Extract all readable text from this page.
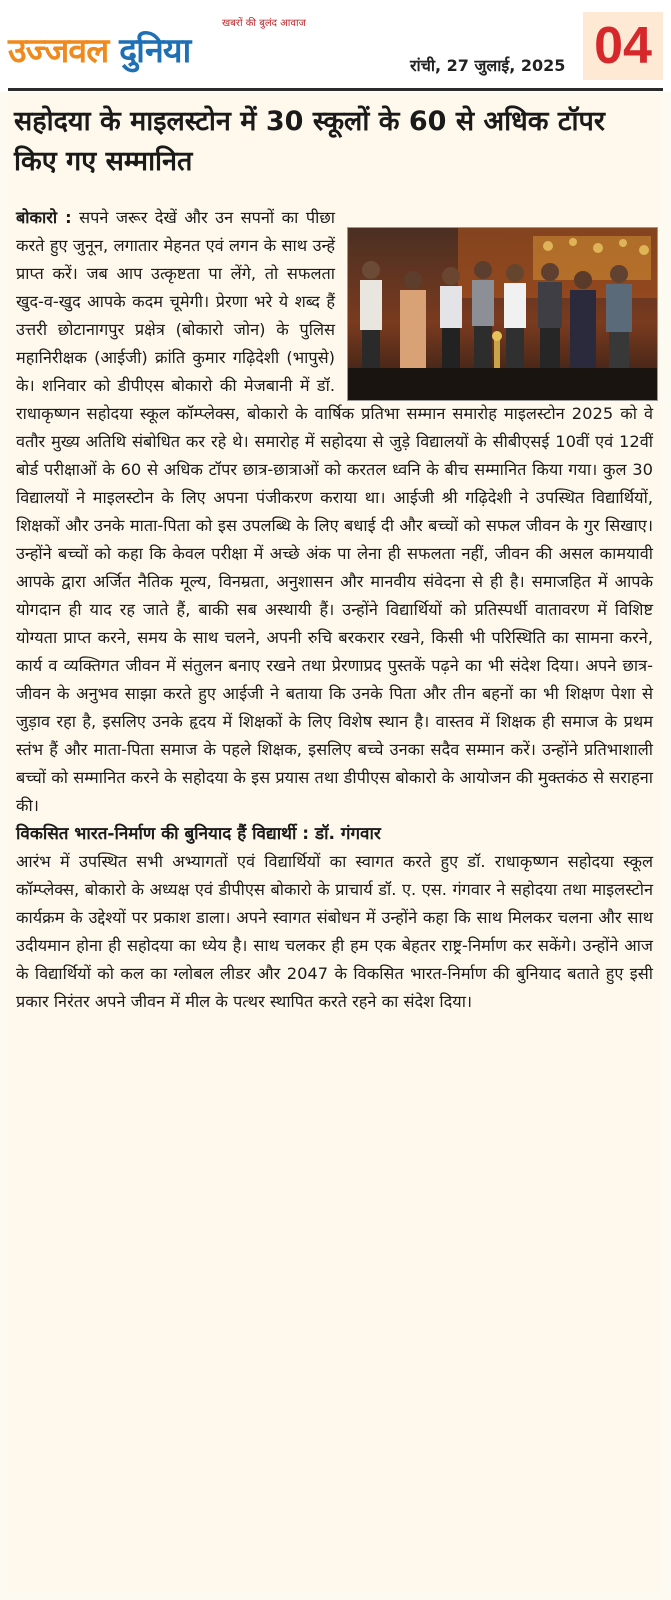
खबरों की बुलंद आवाज
उज्जवल दुनिया	रांची, 27 जुलाई, 2025 04
सहोदया के माइलस्टोन में 30 स्कूलों के 60 से अधिक टॉपर किए गए सम्मानित

बोकारो : सपने जरूर देखें और उन सपनों का पीछा करते हुए जुनून, लगातार मेहनत एवं लगन के साथ उन्हें प्राप्त करें। जब आप उत्कृष्टता पा लेंगे, तो सफलता खुद-व-खुद आपके कदम चूमेगी। प्रेरणा भरे ये शब्द हैं उत्तरी छोटानागपुर प्रक्षेत्र (बोकारो जोन) के पुलिस महानिरीक्षक (आईजी) क्रांति कुमार गढ़िदेशी (भापुसे) के। शनिवार को डीपीएस बोकारो की मेजबानी में डॉ. राधाकृष्णन सहोदया स्कूल कॉम्प्लेक्स, बोकारो के वार्षिक प्रतिभा सम्मान समारोह माइलस्टोन 2025 को वे वतौर मुख्य अतिथि संबोधित कर रहे थे। समारोह में सहोदया से जुड़े विद्यालयों के सीबीएसई 10वीं एवं 12वीं बोर्ड परीक्षाओं के 60 से अधिक टॉपर छात्र-छात्राओं को करतल ध्वनि के बीच सम्मानित किया गया। कुल 30 विद्यालयों ने माइलस्टोन के लिए अपना पंजीकरण कराया था। आईजी श्री गढ़िदेशी ने उपस्थित विद्यार्थियों, शिक्षकों और उनके माता-पिता को इस उपलब्धि के लिए बधाई दी और बच्चों को सफल जीवन के गुर सिखाए। उन्होंने बच्चों को कहा कि केवल परीक्षा में अच्छे अंक पा लेना ही सफलता नहीं, जीवन की असल कामयावी आपके द्वारा अर्जित नैतिक मूल्य, विनम्रता, अनुशासन और मानवीय संवेदना से ही है। समाजहित में आपके योगदान ही याद रह जाते हैं, बाकी सब अस्थायी हैं। उन्होंने विद्यार्थियों को प्रतिस्पर्धी वातावरण में विशिष्ट योग्यता प्राप्त करने, समय के साथ चलने, अपनी रुचि बरकरार रखने, किसी भी परिस्थिति का सामना करने, कार्य व व्यक्तिगत जीवन में संतुलन बनाए रखने तथा प्रेरणाप्रद पुस्तकें पढ़ने का भी संदेश दिया। अपने छात्र-जीवन के अनुभव साझा करते हुए आईजी ने बताया कि उनके पिता और तीन बहनों का भी शिक्षण पेशा से जुड़ाव रहा है, इसलिए उनके हृदय में शिक्षकों के लिए विशेष स्थान है। वास्तव में शिक्षक ही समाज के प्रथम स्तंभ हैं और माता-पिता समाज के पहले शिक्षक, इसलिए बच्चे उनका सदैव सम्मान करें। उन्होंने प्रतिभाशाली बच्चों को सम्मानित करने के सहोदया के इस प्रयास तथा डीपीएस बोकारो के आयोजन की मुक्तकंठ से सराहना की।

विकसित भारत-निर्माण की बुनियाद हैं विद्यार्थी : डॉ. गंगवार

आरंभ में उपस्थित सभी अभ्यागतों एवं विद्यार्थियों का स्वागत करते हुए डॉ. राधाकृष्णन सहोदया स्कूल कॉम्प्लेक्स, बोकारो के अध्यक्ष एवं डीपीएस बोकारो के प्राचार्य डॉ. ए. एस. गंगवार ने सहोदया तथा माइलस्टोन कार्यक्रम के उद्देश्यों पर प्रकाश डाला। अपने स्वागत संबोधन में उन्होंने कहा कि साथ मिलकर चलना और साथ उदीयमान होना ही सहोदया का ध्येय है। साथ चलकर ही हम एक बेहतर राष्ट्र-निर्माण कर सकेंगे। उन्होंने आज के विद्यार्थियों को कल का ग्लोबल लीडर और 2047 के विकसित भारत-निर्माण की बुनियाद बताते हुए इसी प्रकार निरंतर अपने जीवन में मील के पत्थर स्थापित करते रहने का संदेश दिया।
